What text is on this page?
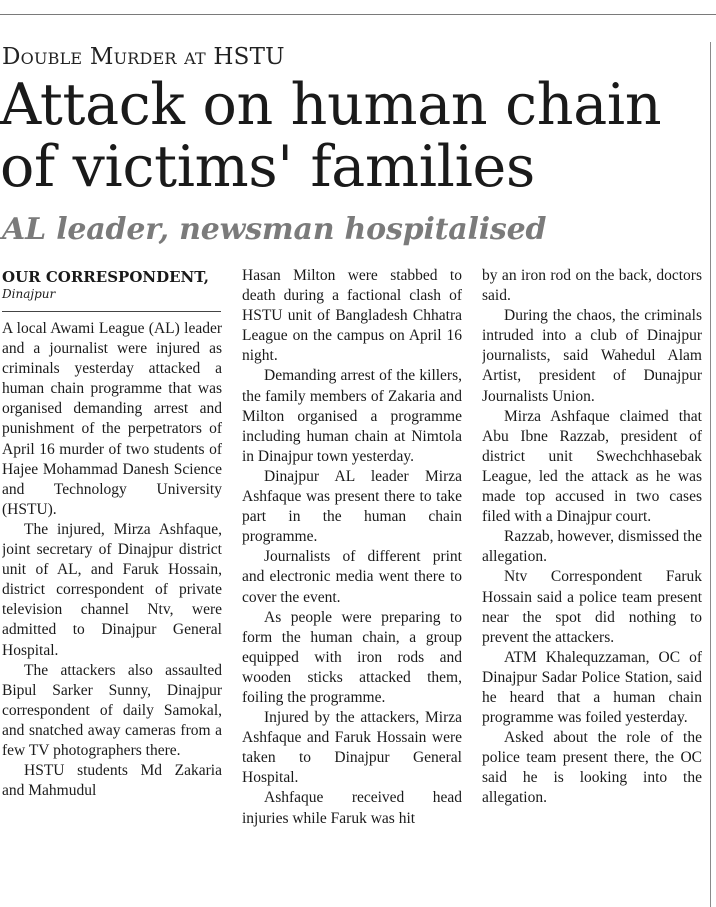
Double Murder at HSTU
Attack on human chain
of victims' families
AL leader, newsman hospitalised
OUR CORRESPONDENT,
Dinajpur

A local Awami League (AL) leader and a journalist were injured as criminals yesterday attacked a human chain programme that was organised demanding arrest and punishment of the perpetrators of April 16 murder of two students of Hajee Mohammad Danesh Science and Technology University (HSTU).

The injured, Mirza Ashfaque, joint secretary of Dinajpur district unit of AL, and Faruk Hossain, district correspondent of private television channel Ntv, were admitted to Dinajpur General Hospital.

The attackers also assaulted Bipul Sarker Sunny, Dinajpur correspondent of daily Samokal, and snatched away cameras from a few TV photographers there.

HSTU students Md Zakaria and Mahmudul

Hasan Milton were stabbed to death during a factional clash of HSTU unit of Bangladesh Chhatra League on the campus on April 16 night.

Demanding arrest of the killers, the family members of Zakaria and Milton organised a programme including human chain at Nimtola in Dinajpur town yesterday.

Dinajpur AL leader Mirza Ashfaque was present there to take part in the human chain programme.

Journalists of different print and electronic media went there to cover the event.

As people were preparing to form the human chain, a group equipped with iron rods and wooden sticks attacked them, foiling the programme.

Injured by the attackers, Mirza Ashfaque and Faruk Hossain were taken to Dinajpur General Hospital.

Ashfaque received head injuries while Faruk was hit

by an iron rod on the back, doctors said.

During the chaos, the criminals intruded into a club of Dinajpur journalists, said Wahedul Alam Artist, president of Dunajpur Journalists Union.

Mirza Ashfaque claimed that Abu Ibne Razzab, president of district unit Swechchhasebak League, led the attack as he was made top accused in two cases filed with a Dinajpur court.

Razzab, however, dismissed the allegation.

Ntv Correspondent Faruk Hossain said a police team present near the spot did nothing to prevent the attackers.

ATM Khalequzzaman, OC of Dinajpur Sadar Police Station, said he heard that a human chain programme was foiled yesterday.

Asked about the role of the police team present there, the OC said he is looking into the allegation.
